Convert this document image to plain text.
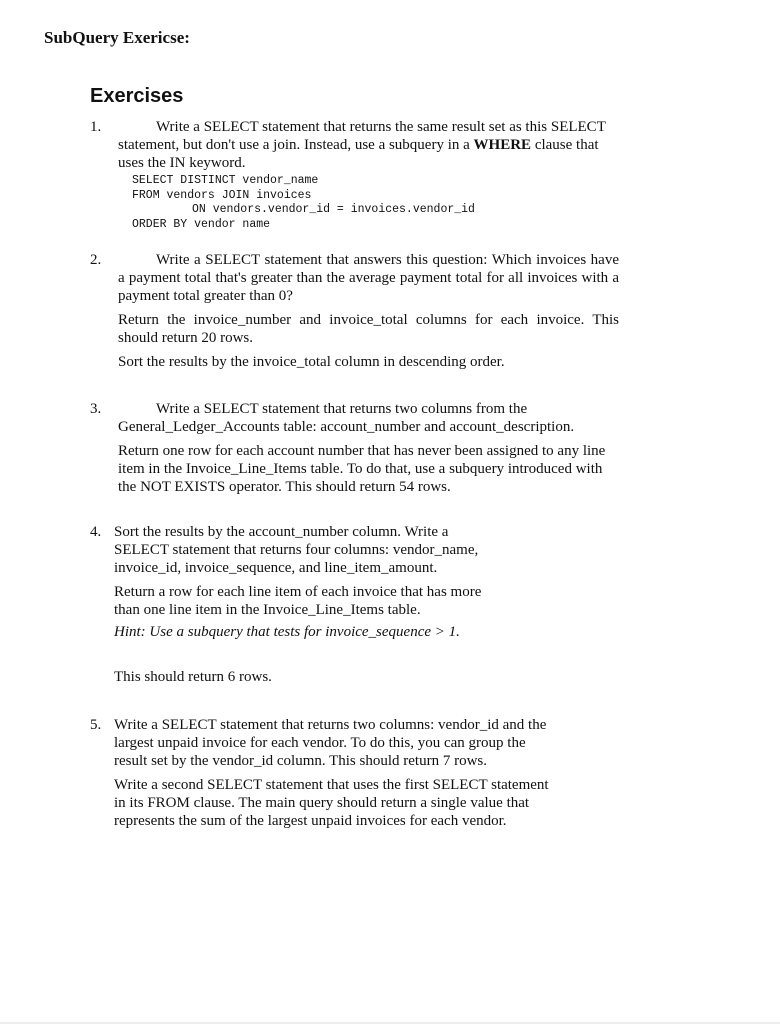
SubQuery Exericse:
Exercises
1.	Write a SELECT statement that returns the same result set as this SELECT statement, but don't use a join. Instead, use a subquery in a WHERE clause that uses the IN keyword.

SELECT DISTINCT vendor_name
FROM vendors JOIN invoices
ON vendors.vendor_id = invoices.vendor_id
ORDER BY vendor name
2.	Write a SELECT statement that answers this question: Which invoices have a payment total that's greater than the average payment total for all invoices with a payment total greater than 0?

Return the invoice_number and invoice_total columns for each invoice. This should return 20 rows.

Sort the results by the invoice_total column in descending order.

3.	Write a SELECT statement that returns two columns from the

General_Ledger_Accounts table: account_number and account_description.

Return one row for each account number that has never been assigned to any line item in the Invoice_Line_Items table. To do that, use a subquery introduced with the NOT EXISTS operator. This should return 54 rows.

4. Sort the results by the account_number column. Write a SELECT statement that returns four columns: vendor_name, invoice_id, invoice_sequence, and line_item_amount.

Return a row for each line item of each invoice that has more than one line item in the Invoice_Line_Items table.

Hint: Use a subquery that tests for invoice_sequence > 1.

This should return 6 rows.

5. Write a SELECT statement that returns two columns: vendor_id and the largest unpaid invoice for each vendor. To do this, you can group the result set by the vendor_id column. This should return 7 rows.

Write a second SELECT statement that uses the first SELECT statement in its FROM clause. The main query should return a single value that represents the sum of the largest unpaid invoices for each vendor.
